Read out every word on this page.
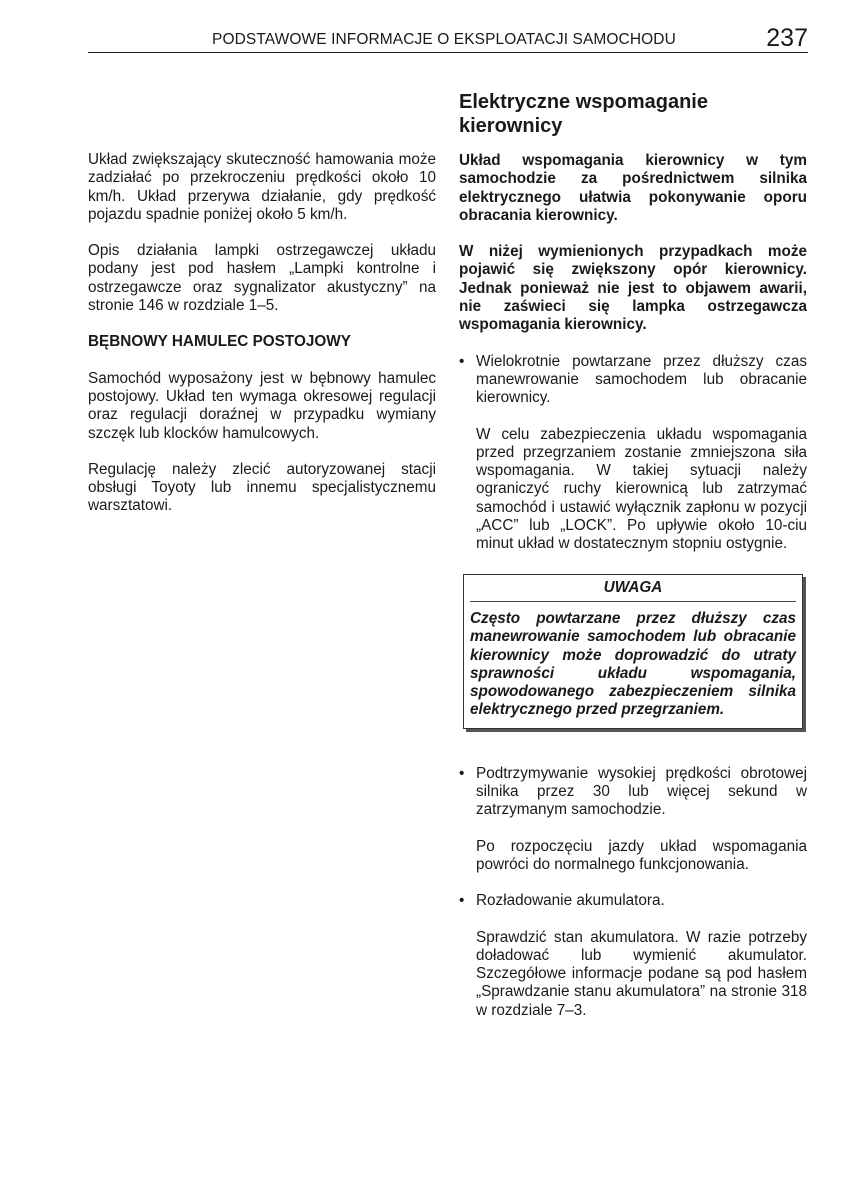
PODSTAWOWE INFORMACJE O EKSPLOATACJI SAMOCHODU	237

Układ zwiększający skuteczność hamowania może zadziałać po przekroczeniu prędkości około 10 km/h. Układ przerywa działanie, gdy prędkość pojazdu spadnie poniżej około 5 km/h.

Opis działania lampki ostrzegawczej układu podany jest pod hasłem „Lampki kontrolne i ostrzegawcze oraz sygnalizator akustyczny” na stronie 146 w rozdziale 1–5.

BĘBNOWY HAMULEC POSTOJOWY

Samochód wyposażony jest w bębnowy hamulec postojowy. Układ ten wymaga okresowej regulacji oraz regulacji doraźnej w przypadku wymiany szczęk lub klocków hamulcowych.

Regulację należy zlecić autoryzowanej stacji obsługi Toyoty lub innemu specjalistycznemu warsztatowi.

Elektryczne wspomaganie kierownicy

Układ wspomagania kierownicy w tym samochodzie za pośrednictwem silnika elektrycznego ułatwia pokonywanie oporu obracania kierownicy.

W niżej wymienionych przypadkach może pojawić się zwiększony opór kierownicy. Jednak ponieważ nie jest to objawem awarii, nie zaświeci się lampka ostrzegawcza wspomagania kierownicy.

• Wielokrotnie powtarzane przez dłuższy czas manewrowanie samochodem lub obracanie kierownicy.

W celu zabezpieczenia układu wspomagania przed przegrzaniem zostanie zmniejszona siła wspomagania. W takiej sytuacji należy ograniczyć ruchy kierownicą lub zatrzymać samochód i ustawić wyłącznik zapłonu w pozycji „ACC” lub „LOCK”. Po upływie około 10-ciu minut układ w dostatecznym stopniu ostygnie.

UWAGA

Często powtarzane przez dłuższy czas manewrowanie samochodem lub obracanie kierownicy może doprowadzić do utraty sprawności układu wspomagania, spowodowanego zabezpieczeniem silnika elektrycznego przed przegrzaniem.

• Podtrzymywanie wysokiej prędkości obrotowej silnika przez 30 lub więcej sekund w zatrzymanym samochodzie.

Po rozpoczęciu jazdy układ wspomagania powróci do normalnego funkcjonowania.

• Rozładowanie akumulatora.

Sprawdzić stan akumulatora. W razie potrzeby doładować lub wymienić akumulator. Szczegółowe informacje podane są pod hasłem „Sprawdzanie stanu akumulatora” na stronie 318 w rozdziale 7–3.
